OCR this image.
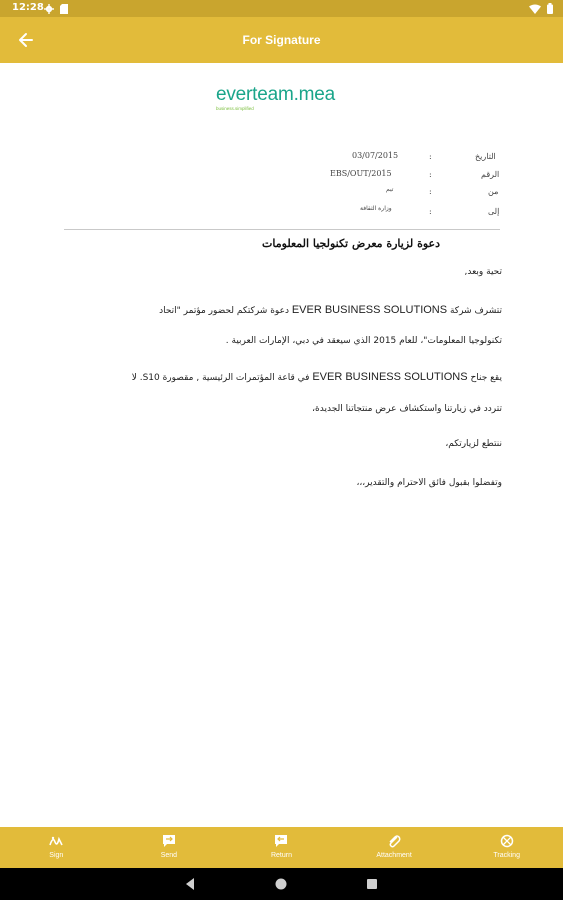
12:28
For Signature
everteam.mea
business.simplified
03/07/2015	:	التاريخ
EBS/OUT/2015	:	الرقم
تيم	:	من
وزارة الثقافة	:	إلى
دعوة لزيارة معرض تكنولجيا المعلومات
تحية وبعد,
تتشرف شركة EVER BUSINESS SOLUTIONS دعوة شركتكم لحضور مؤتمر "اتحاد
تكنولوجيا المعلومات"، للعام 2015 الذي سيعقد في دبي، الإمارات العربية .
يقع جناح EVER BUSINESS SOLUTIONS في قاعة المؤتمرات الرئيسية , مقصورة S10. لا
تتردد في زيارتنا واستكشاف عرض منتجاتنا الجديدة،
ننتطع لزيارتكم،
وتفضلوا بقبول فائق الاحترام والتقدير،،،
Sign	Send	Return	Attachment	Tracking
